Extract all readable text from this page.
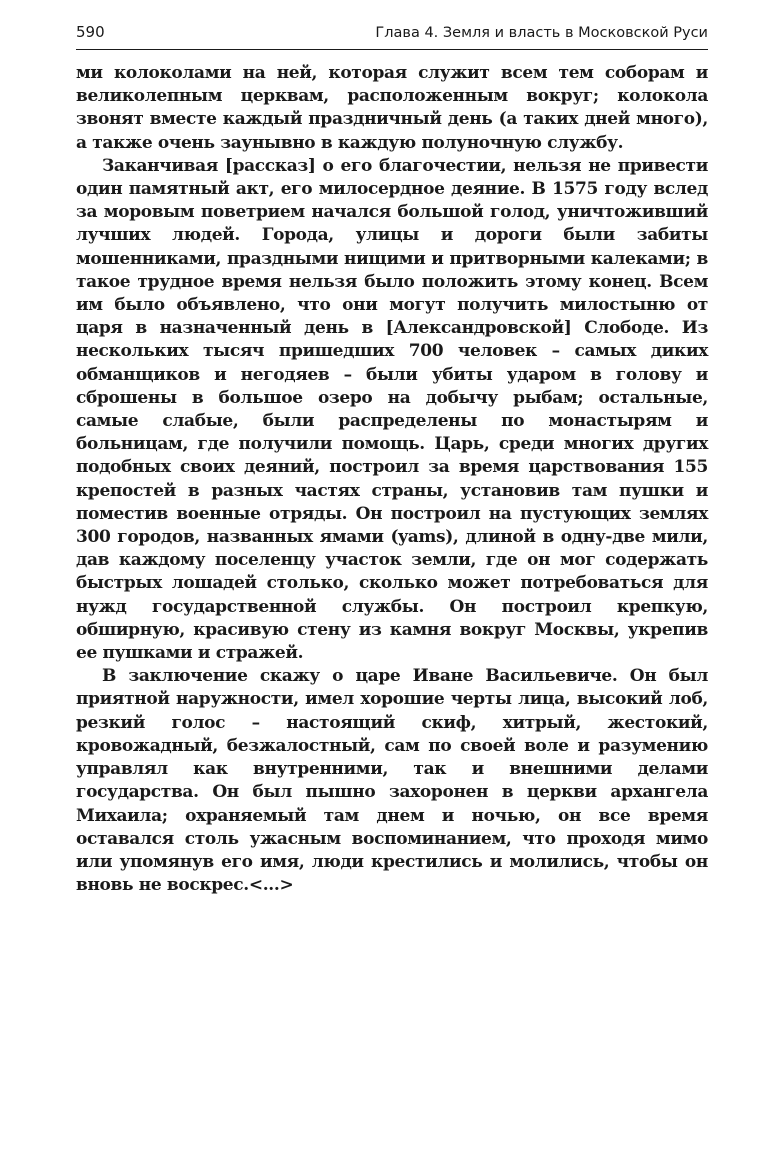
590	Глава 4. Земля и власть в Московской Руси

ми колоколами на ней, которая служит всем тем соборам и великолепным церквам, расположенным вокруг; колокола звонят вместе каждый праздничный день (а таких дней много), а также очень заунывно в каждую полуночную службу.

Заканчивая [рассказ] о его благочестии, нельзя не привести один памятный акт, его милосердное деяние. В 1575 году вслед за моровым поветрием начался большой голод, уничтоживший лучших людей. Города, улицы и дороги были забиты мошенниками, праздными нищими и притворными калеками; в такое трудное время нельзя было положить этому конец. Всем им было объявлено, что они могут получить милостыню от царя в назначенный день в [Александровской] Слободе. Из нескольких тысяч пришедших 700 человек – самых диких обманщиков и негодяев – были убиты ударом в голову и сброшены в большое озеро на добычу рыбам; остальные, самые слабые, были распределены по монастырям и больницам, где получили помощь. Царь, среди многих других подобных своих деяний, построил за время царствования 155 крепостей в разных частях страны, установив там пушки и поместив военные отряды. Он построил на пустующих землях 300 городов, названных ямами (yams), длиной в одну-две мили, дав каждому поселенцу участок земли, где он мог содержать быстрых лошадей столько, сколько может потребоваться для нужд государственной службы. Он построил крепкую, обширную, красивую стену из камня вокруг Москвы, укрепив ее пушками и стражей.

В заключение скажу о царе Иване Васильевиче. Он был приятной наружности, имел хорошие черты лица, высокий лоб, резкий голос – настоящий скиф, хитрый, жестокий, кровожадный, безжалостный, сам по своей воле и разумению управлял как внутренними, так и внешними делами государства. Он был пышно захоронен в церкви архангела Михаила; охраняемый там днем и ночью, он все время оставался столь ужасным воспоминанием, что проходя мимо или упомянув его имя, люди крестились и молились, чтобы он вновь не воскрес.<...>
